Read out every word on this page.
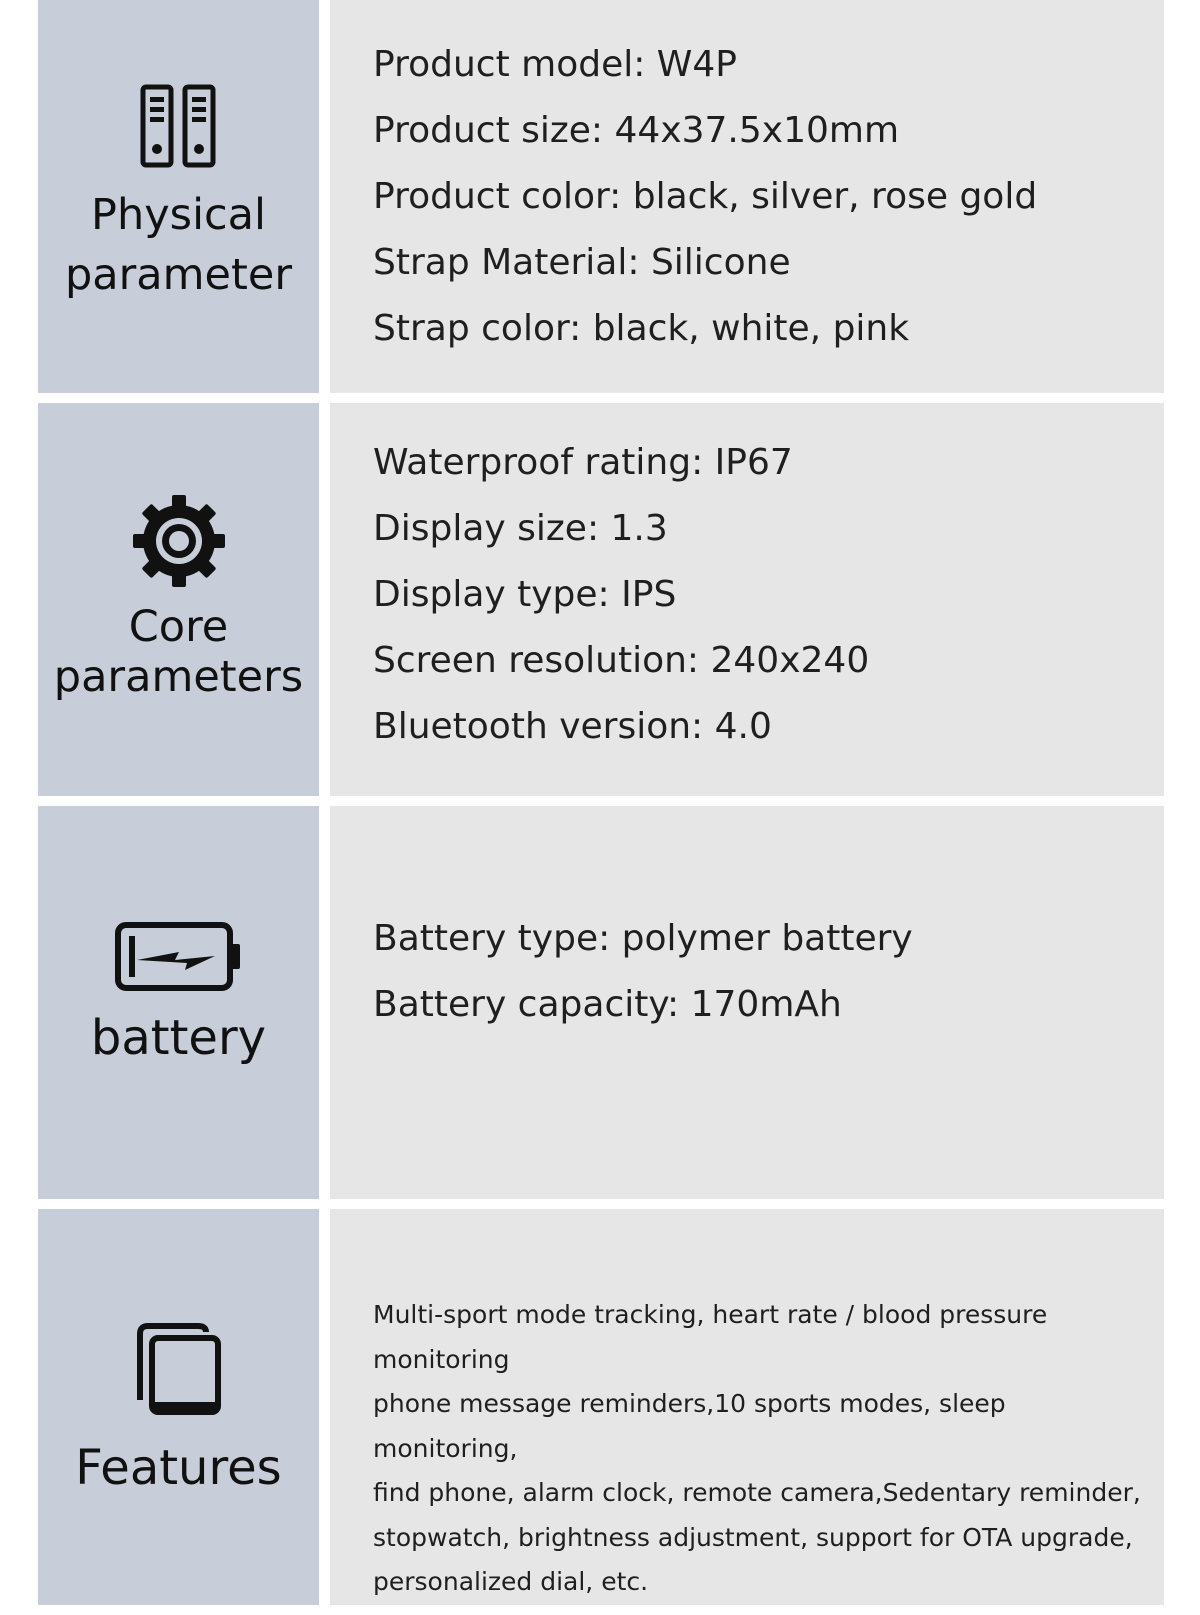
Physical
parameter
Product model: W4P
Product size: 44x37.5x10mm
Product color: black, silver, rose gold
Strap Material: Silicone
Strap color: black, white, pink
Core
parameters
Waterproof rating: IP67
Display size: 1.3
Display type: IPS
Screen resolution: 240x240
Bluetooth version: 4.0
battery
Battery type: polymer battery
Battery capacity: 170mAh
Features
Multi-sport mode tracking, heart rate / blood pressure monitoring
phone message reminders,10 sports modes, sleep monitoring,
find phone, alarm clock, remote camera,Sedentary reminder,
stopwatch, brightness adjustment, support for OTA upgrade,
personalized dial, etc.
